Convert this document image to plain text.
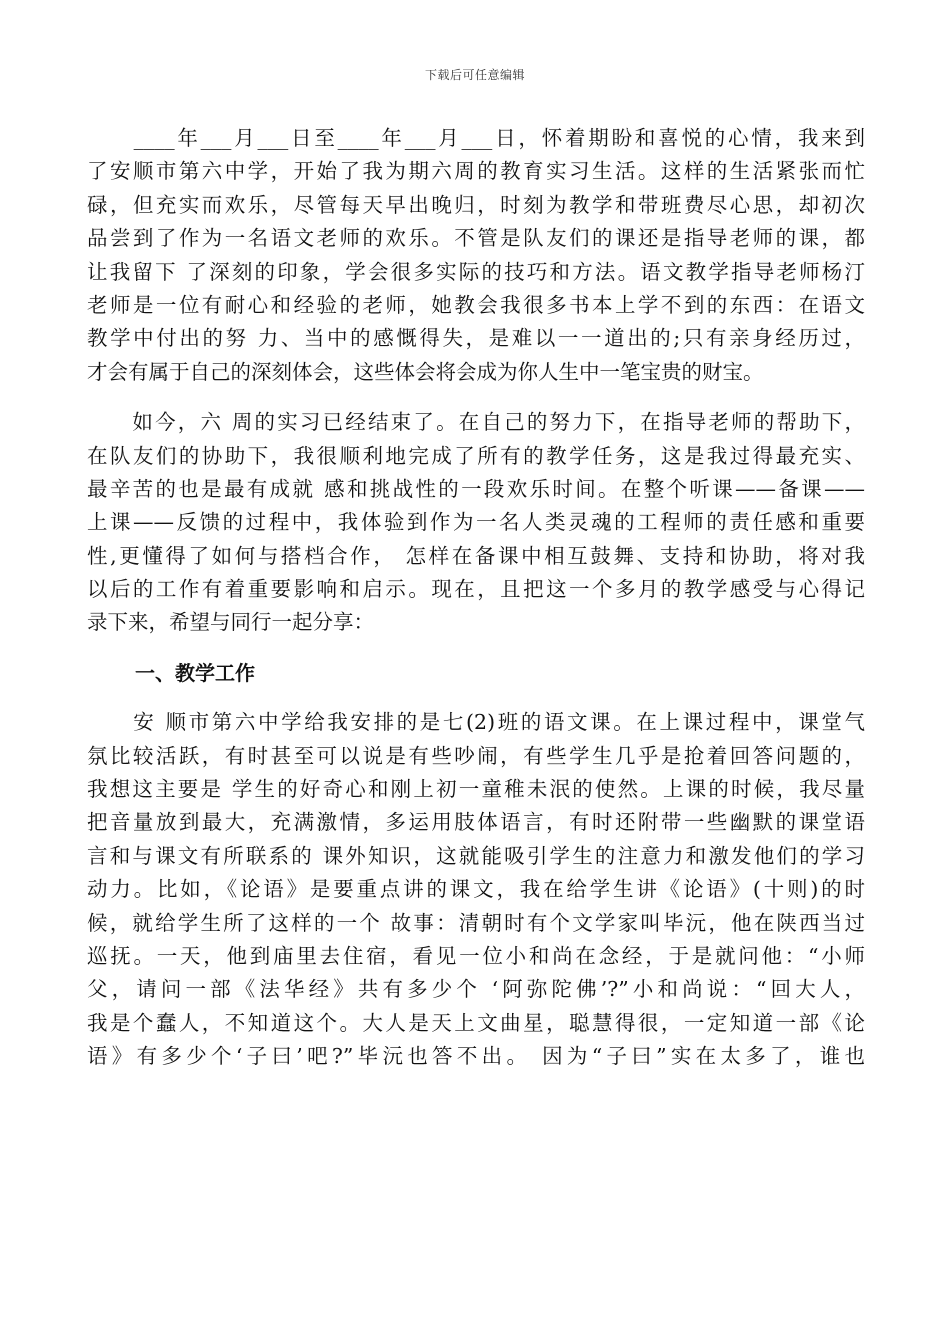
下载后可任意编辑
　　____年___月___日至____年___月___日，怀着期盼和喜悦的心情，我来到
了安顺市第六中学，开始了我为期六周的教育实习生活。这样的生活紧张而忙
碌，但充实而欢乐，尽管每天早出晚归，时刻为教学和带班费尽心思，却初次
品尝到了作为一名语文老师的欢乐。不管是队友们的课还是指导老师的课，都
让我留下 了深刻的印象，学会很多实际的技巧和方法。语文教学指导老师杨汀
老师是一位有耐心和经验的老师，她教会我很多书本上学不到的东西：在语文
教学中付出的努 力、当中的感慨得失，是难以一一道出的;只有亲身经历过，
才会有属于自己的深刻体会，这些体会将会成为你人生中一笔宝贵的财宝。
　　如今，六 周的实习已经结束了。在自己的努力下，在指导老师的帮助下，
在队友们的协助下，我很顺利地完成了所有的教学任务，这是我过得最充实、
最辛苦的也是最有成就 感和挑战性的一段欢乐时间。在整个听课——备课——
上课——反馈的过程中，我体验到作为一名人类灵魂的工程师的责任感和重要
性,更懂得了如何与搭档合作， 怎样在备课中相互鼓舞、支持和协助，将对我
以后的工作有着重要影响和启示。现在，且把这一个多月的教学感受与心得记
录下来，希望与同行一起分享：
一、教学工作
　　安 顺市第六中学给我安排的是七(2)班的语文课。在上课过程中，课堂气
氛比较活跃，有时甚至可以说是有些吵闹，有些学生几乎是抢着回答问题的，
我想这主要是 学生的好奇心和刚上初一童稚未泯的使然。上课的时候，我尽量
把音量放到最大，充满激情，多运用肢体语言，有时还附带一些幽默的课堂语
言和与课文有所联系的 课外知识，这就能吸引学生的注意力和激发他们的学习
动力。比如，《论语》是要重点讲的课文，我在给学生讲《论语》(十则)的时
候，就给学生所了这样的一个 故事：清朝时有个文学家叫毕沅，他在陕西当过
巡抚。一天，他到庙里去住宿，看见一位小和尚在念经，于是就问他：“小师
父，请问一部《法华经》共有多少个 ‘阿弥陀佛’?”小和尚说：“回大人，
我是个蠢人，不知道这个。大人是天上文曲星，聪慧得很，一定知道一部《论
语》有多少个‘子曰’吧?”毕沅也答不出。 因为“子曰”实在太多了，谁也
